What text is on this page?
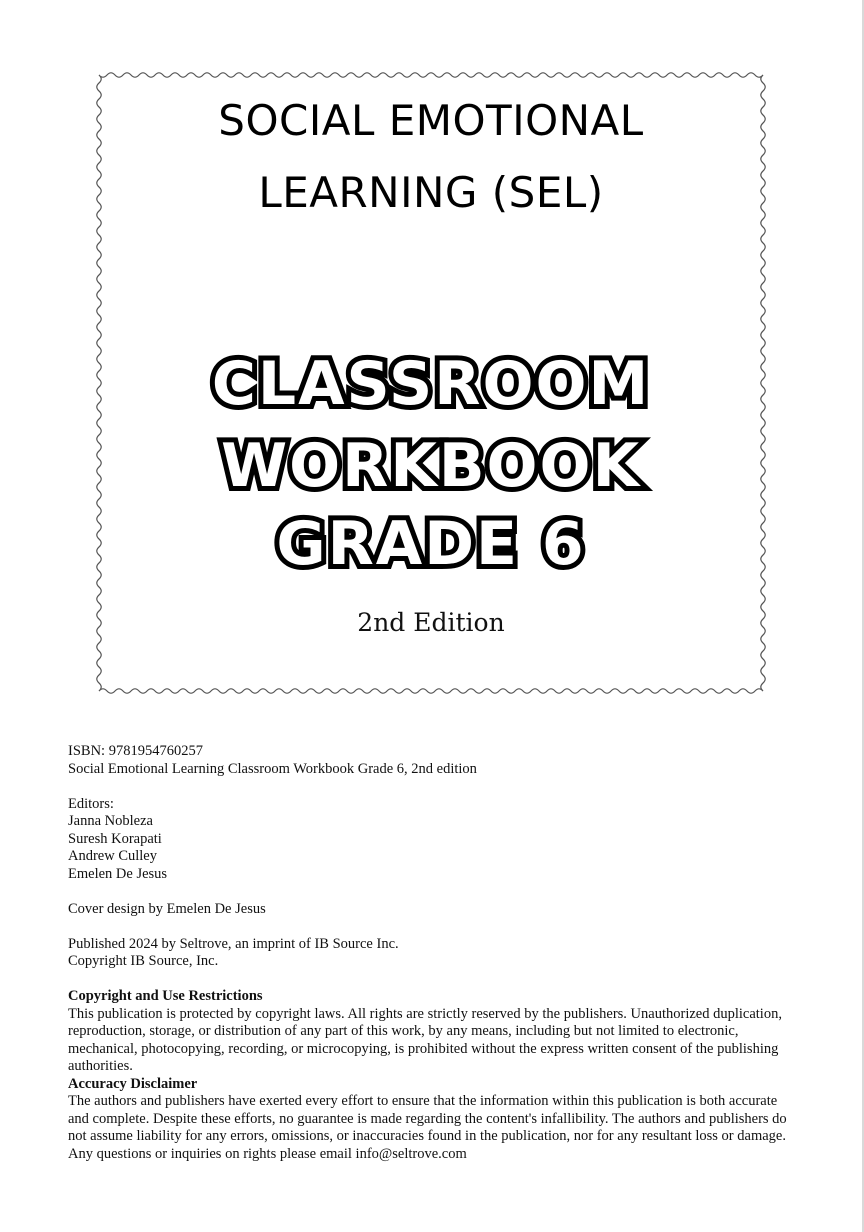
SOCIAL EMOTIONAL
LEARNING (SEL)
CLASSROOM
WORKBOOK
GRADE 6
2nd Edition
ISBN: 9781954760257
Social Emotional Learning Classroom Workbook Grade 6, 2nd edition
Editors:
Janna Nobleza
Suresh Korapati
Andrew Culley
Emelen De Jesus
Cover design by Emelen De Jesus
Published 2024 by Seltrove, an imprint of IB Source Inc.
Copyright IB Source, Inc.
Copyright and Use Restrictions
This publication is protected by copyright laws. All rights are strictly reserved by the publishers. Unauthorized duplication, reproduction, storage, or distribution of any part of this work, by any means, including but not limited to electronic, mechanical, photocopying, recording, or microcopying, is prohibited without the express written consent of the publishing authorities.
Accuracy Disclaimer
The authors and publishers have exerted every effort to ensure that the information within this publication is both accurate and complete. Despite these efforts, no guarantee is made regarding the content's infallibility. The authors and publishers do not assume liability for any errors, omissions, or inaccuracies found in the publication, nor for any resultant loss or damage. Any questions or inquiries on rights please email info@seltrove.com
